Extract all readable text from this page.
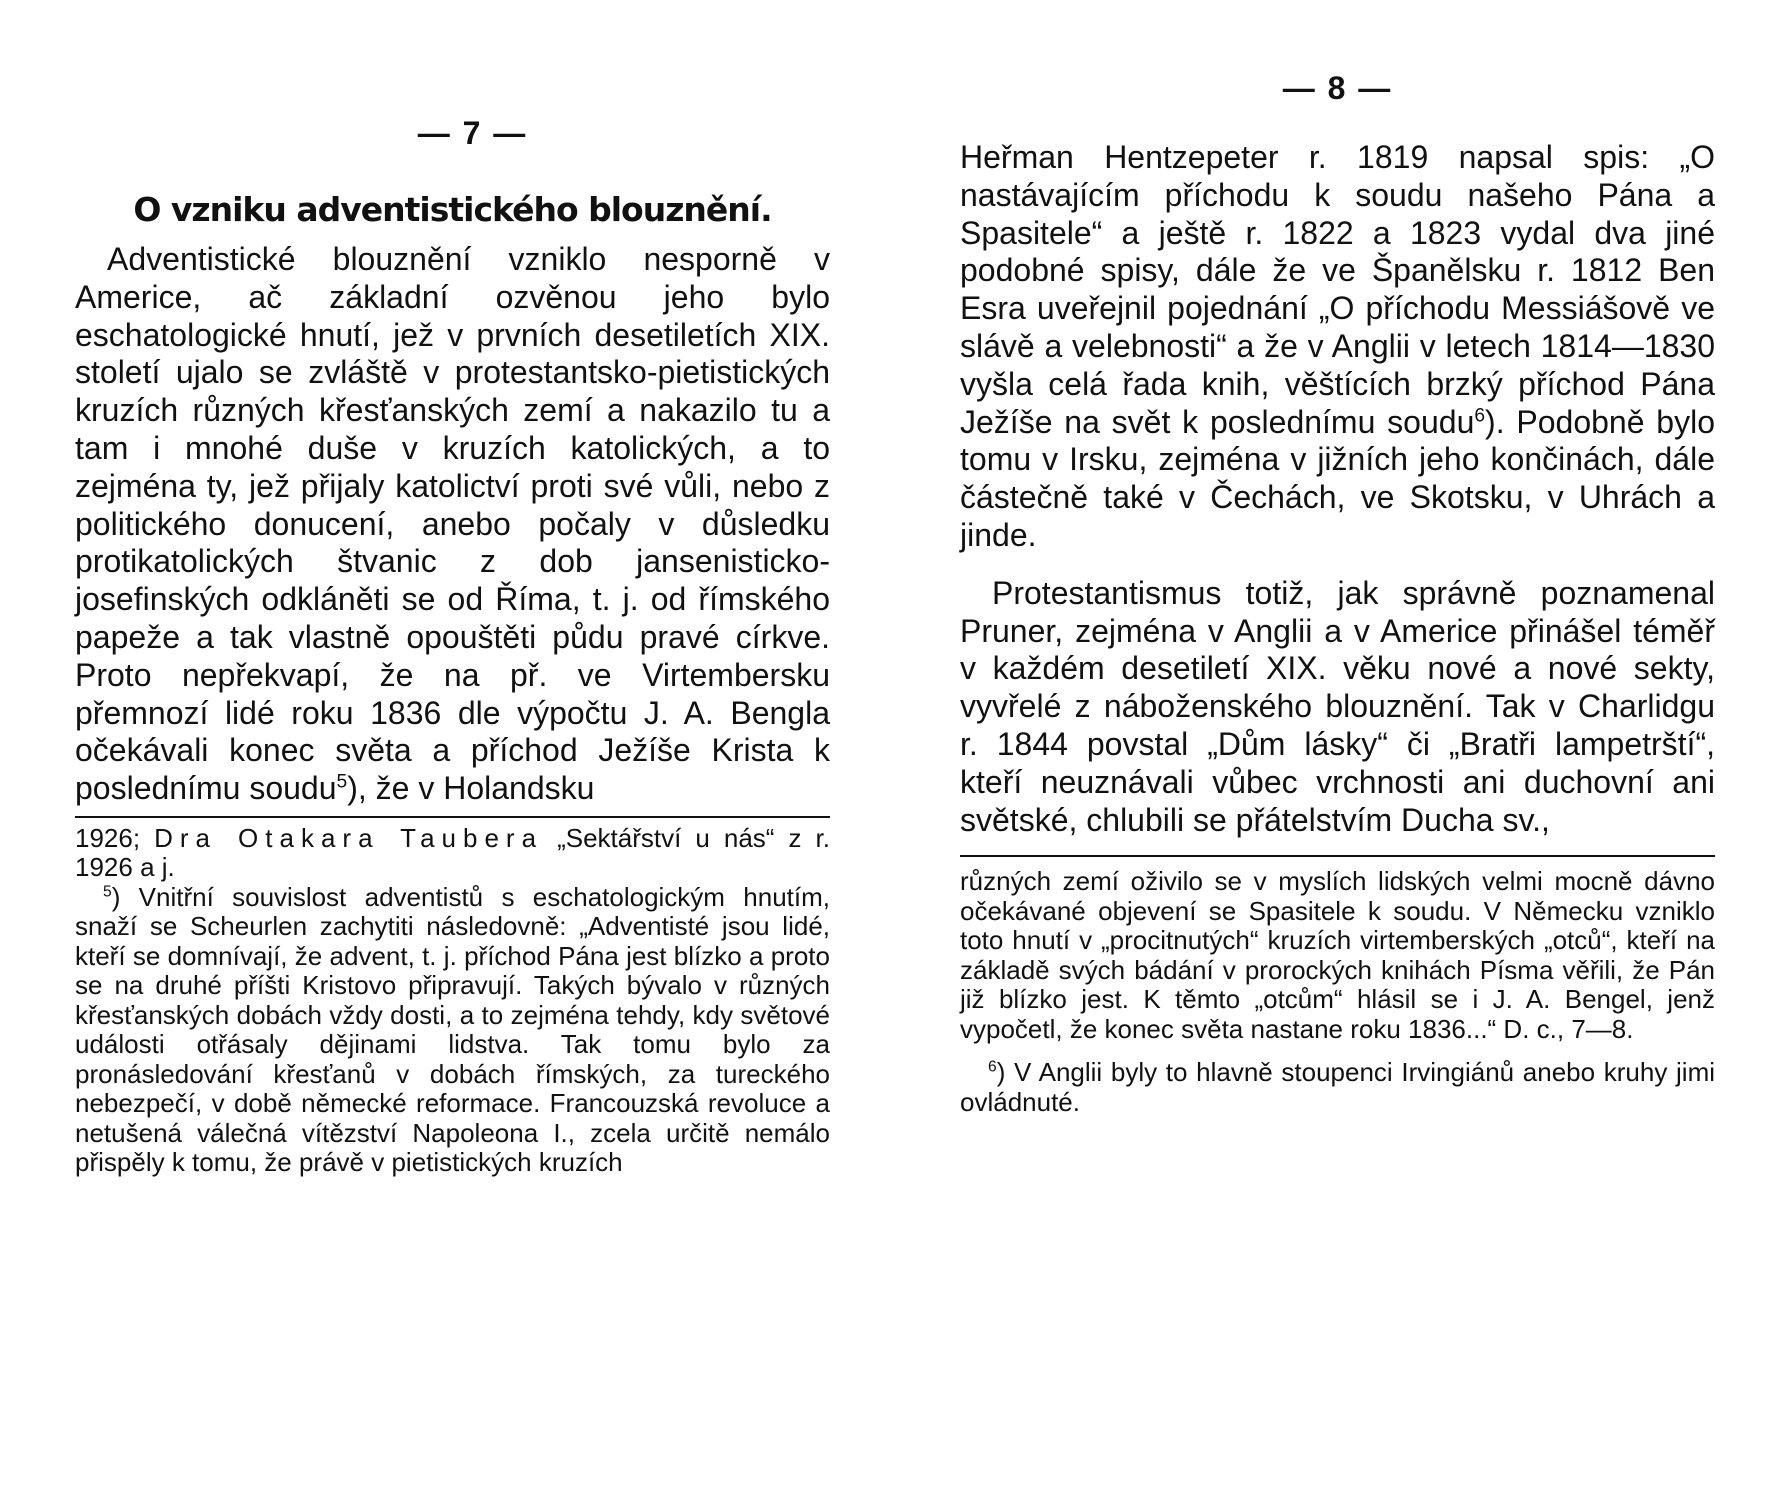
— 7 —
O vzniku adventistického blouznění.

Adventistické blouznění vzniklo nesporně v Americe, ač základní ozvěnou jeho bylo eschatologické hnutí, jež v prvních desetiletích XIX. století ujalo se zvláště v protestantsko-pietistických kruzích různých křesťanských zemí a nakazilo tu a tam i mnohé duše v kruzích katolických, a to zejména ty, jež přijaly katolictví proti své vůli, nebo z politického donucení, anebo počaly v důsledku protikatolických štvanic z dob jansenisticko-josefinských odkláněti se od Říma, t. j. od římského papeže a tak vlastně opouštěti půdu pravé církve. Proto nepřekvapí, že na př. ve Virtembersku přemnozí lidé roku 1836 dle výpočtu J. A. Bengla očekávali konec světa a příchod Ježíše Krista k poslednímu soudu$^5$), že v Holandsku

1926; Dra Otakara Taubera „Sektářství u nás“ z r. 1926 a j.

$^5$) Vnitřní souvislost adventistů s eschatologickým hnutím, snaží se Scheurlen zachytiti následovně: „Adventisté jsou lidé, kteří se domnívají, že advent, t. j. příchod Pána jest blízko a proto se na druhé příšti Kristovo připravují. Takých bývalo v různých křesťanských dobách vždy dosti, a to zejména tehdy, kdy světové události otřásaly dějinami lidstva. Tak tomu bylo za pronásledování křesťanů v dobách římských, za tureckého nebezpečí, v době německé reformace. Francouzská revoluce a netušená válečná vítězství Napoleona I., zcela určitě nemálo přispěly k tomu, že právě v pietistických kruzích

— 8 —

Heřman Hentzepeter r. 1819 napsal spis: „O nastávajícím příchodu k soudu našeho Pána a Spasitele“ a ještě r. 1822 a 1823 vydal dva jiné podobné spisy, dále že ve Španělsku r. 1812 Ben Esra uveřejnil pojednání „O příchodu Messiášově ve slávě a velebnosti“ a že v Anglii v letech 1814—1830 vyšla celá řada knih, věštících brzký příchod Pána Ježíše na svět k poslednímu soudu$^6$). Podobně bylo tomu v Irsku, zejména v jižních jeho končinách, dále částečně také v Čechách, ve Skotsku, v Uhrách a jinde.

Protestantismus totiž, jak správně poznamenal Pruner, zejména v Anglii a v Americe přinášel téměř v každém desetiletí XIX. věku nové a nové sekty, vyvřelé z náboženského blouznění. Tak v Charlidgu r. 1844 povstal „Dům lásky“ či „Bratři lampetrští“, kteří neuznávali vůbec vrchnosti ani duchovní ani světské, chlubili se přátelstvím Ducha sv.,

různých zemí oživilo se v myslích lidských velmi mocně dávno očekávané objevení se Spasitele k soudu. V Německu vzniklo toto hnutí v „procitnutých“ kruzích virtemberských „otců“, kteří na základě svých bádání v prorockých knihách Písma věřili, že Pán již blízko jest. K těmto „otcům“ hlásil se i J. A. Bengel, jenž vypočetl, že konec světa nastane roku 1836...“ D. c., 7—8.

$^6$) V Anglii byly to hlavně stoupenci Irvingiánů anebo kruhy jimi ovládnuté.
